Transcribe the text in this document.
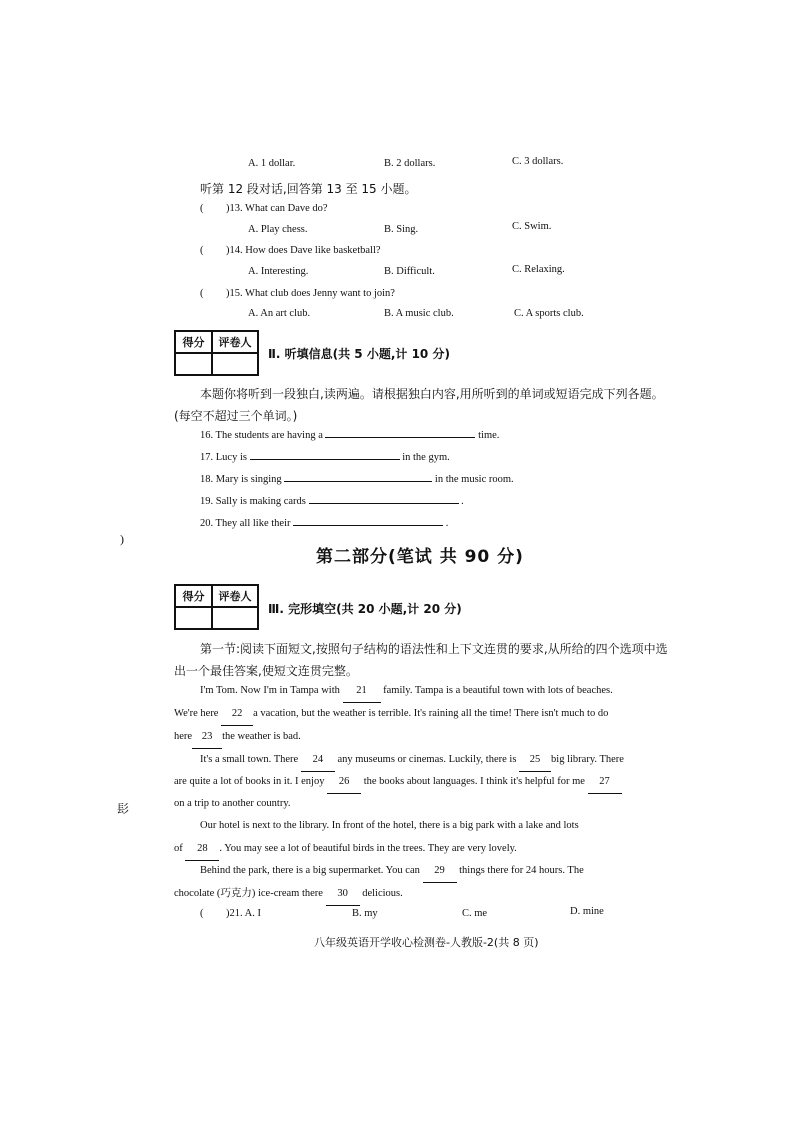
A. 1 dollar.	B. 2 dollars.	C. 3 dollars.
听第 12 段对话,回答第 13 至 15 小题。
( )13. What can Dave do?
A. Play chess.	B. Sing.	C. Swim.
( )14. How does Dave like basketball?
A. Interesting.	B. Difficult.	C. Relaxing.
( )15. What club does Jenny want to join?
A. An art club.	B. A music club.	C. A sports club.
得分	评卷人
Ⅱ. 听填信息(共 5 小题,计 10 分)
本题你将听到一段独白,读两遍。请根据独白内容,用所听到的单词或短语完成下列各题。
(每空不超过三个单词。)
16. The students are having a	time.
17. Lucy is	in the gym.
18. Mary is singing	in the music room.
19. Sally is making cards	.
20. They all like their	.
)
第二部分(笔试 共 90 分)
得分	评卷人
Ⅲ. 完形填空(共 20 小题,计 20 分)
第一节:阅读下面短文,按照句子结构的语法性和上下文连贯的要求,从所给的四个选项中选
出一个最佳答案,使短文连贯完整。
I'm Tom. Now I'm in Tampa with 21 family. Tampa is a beautiful town with lots of beaches.
We're here 22 a vacation, but the weather is terrible. It's raining all the time! There isn't much to do
here 23 the weather is bad.
It's a small town. There 24 any museums or cinemas. Luckily, there is 25 big library. There
are quite a lot of books in it. I enjoy 26 the books about languages. I think it's helpful for me 27
on a trip to another country.
髟
Our hotel is next to the library. In front of the hotel, there is a big park with a lake and lots
of 28 . You may see a lot of beautiful birds in the trees. They are very lovely.
Behind the park, there is a big supermarket. You can 29 things there for 24 hours. The
chocolate (巧克力) ice-cream there 30 delicious.
( )21. A. I	B. my	C. me	D. mine
八年级英语开学收心检测卷-人教版-2(共 8 页)
